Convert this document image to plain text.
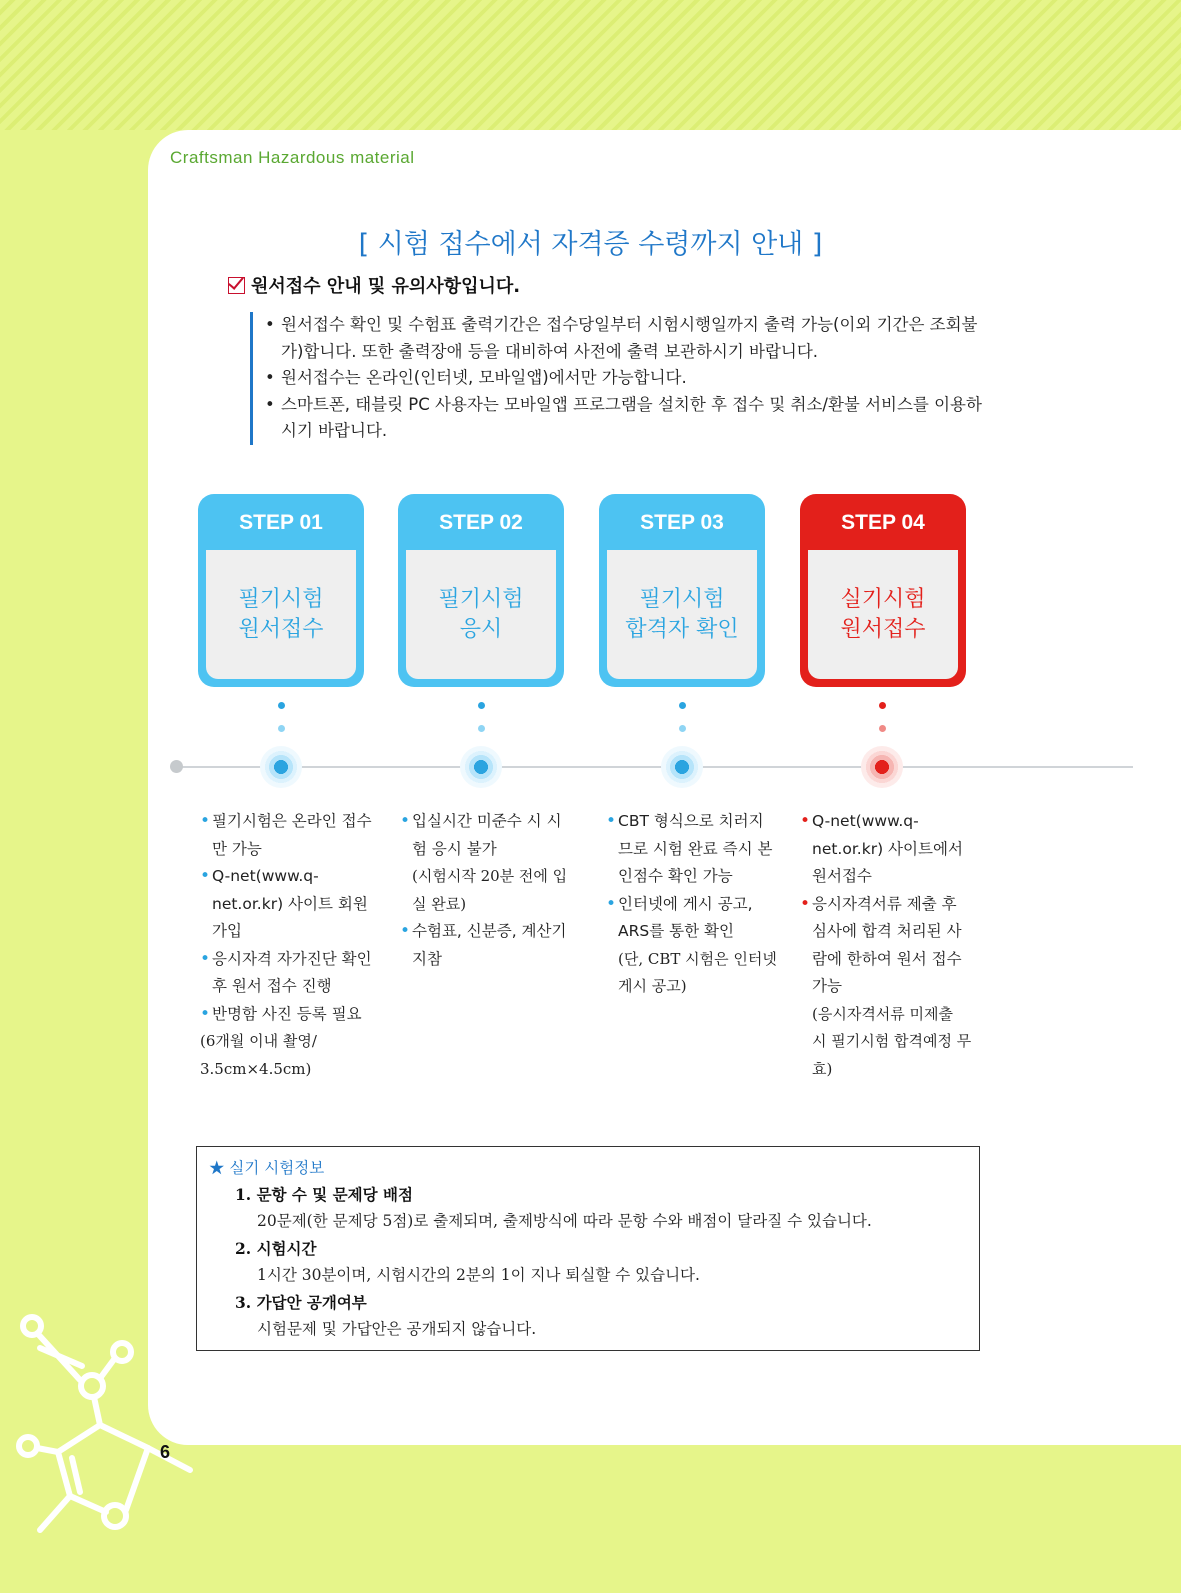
Craftsman Hazardous material
[ 시험 접수에서 자격증 수령까지 안내 ]
원서접수 안내 및 유의사항입니다.
• 원서접수 확인 및 수험표 출력기간은 접수당일부터 시험시행일까지 출력 가능(이외 기간은 조회불가)합니다. 또한 출력장애 등을 대비하여 사전에 출력 보관하시기 바랍니다.
• 원서접수는 온라인(인터넷, 모바일앱)에서만 가능합니다.
• 스마트폰, 태블릿 PC 사용자는 모바일앱 프로그램을 설치한 후 접수 및 취소/환불 서비스를 이용하시기 바랍니다.
STEP 01
필기시험
원서접수
STEP 02
필기시험
응시
STEP 03
필기시험
합격자 확인
STEP 04
실기시험
원서접수
• 필기시험은 온라인 접수만 가능
• Q-net(www.q-net.or.kr) 사이트 회원 가입
• 응시자격 자가진단 확인 후 원서 접수 진행
• 반명함 사진 등록 필요
(6개월 이내 촬영/ 3.5cm×4.5cm)
• 입실시간 미준수 시 시험 응시 불가
(시험시작 20분 전에 입실 완료)
• 수험표, 신분증, 계산기 지참
• CBT 형식으로 치러지므로 시험 완료 즉시 본인점수 확인 가능
• 인터넷에 게시 공고, ARS를 통한 확인
(단, CBT 시험은 인터넷 게시 공고)
• Q-net(www.q-net.or.kr) 사이트에서 원서접수
• 응시자격서류 제출 후 심사에 합격 처리된 사람에 한하여 원서 접수 가능
(응시자격서류 미제출 시 필기시험 합격예정 무효)
★ 실기 시험정보
1. 문항 수 및 문제당 배점
20문제(한 문제당 5점)로 출제되며, 출제방식에 따라 문항 수와 배점이 달라질 수 있습니다.
2. 시험시간
1시간 30분이며, 시험시간의 2분의 1이 지나 퇴실할 수 있습니다.
3. 가답안 공개여부
시험문제 및 가답안은 공개되지 않습니다.
6
